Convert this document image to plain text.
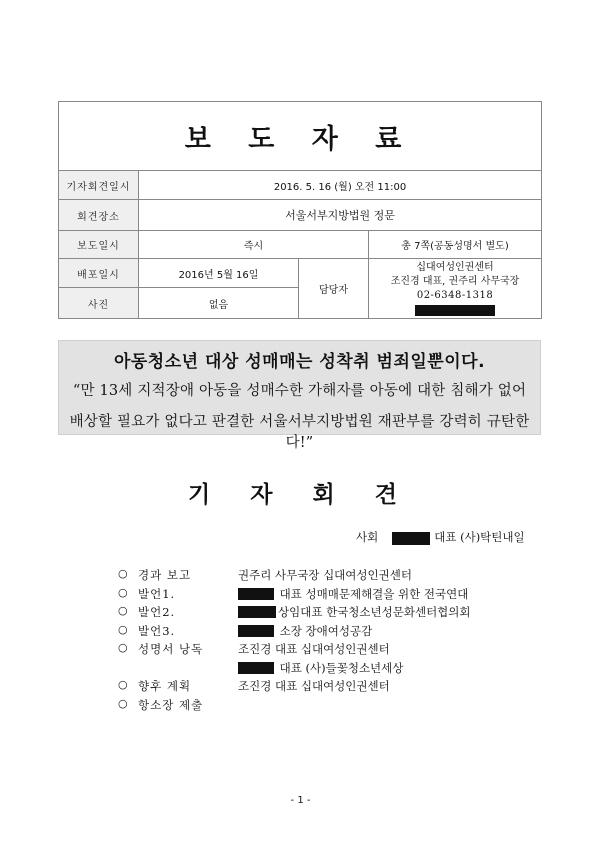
보 도 자 료			
기자회견일시	2016. 5. 16 (월) 오전 11:00		
회견장소	서울서부지방법원 정문		
보도일시	즉시		총 7쪽(공동성명서 별도)
배포일시	2016년 5월 16일	담당자	십대여성인권센터
조진경 대표, 권주리 사무국장
02-6348-1318

사진	없음		
아동청소년 대상 성매매는 성착취 범죄일뿐이다.
“만 13세 지적장애 아동을 성매수한 가해자를 아동에 대한 침해가 없어
배상할 필요가 없다고 판결한 서울서부지방법원 재판부를 강력히 규탄한다!”
기 자 회 견
사회	대표 (사)탁틴내일
○ 경과 보고	권주리 사무국장 십대여성인권센터
○ 발언1.	대표 성매매문제해결을 위한 전국연대
○ 발언2.	상임대표 한국청소년성문화센터협의회
○ 발언3.	소장 장애여성공감
○ 성명서 낭독	조진경 대표 십대여성인권센터
대표 (사)들꽃청소년세상
○ 향후 계획	조진경 대표 십대여성인권센터
○ 항소장 제출
- 1 -
